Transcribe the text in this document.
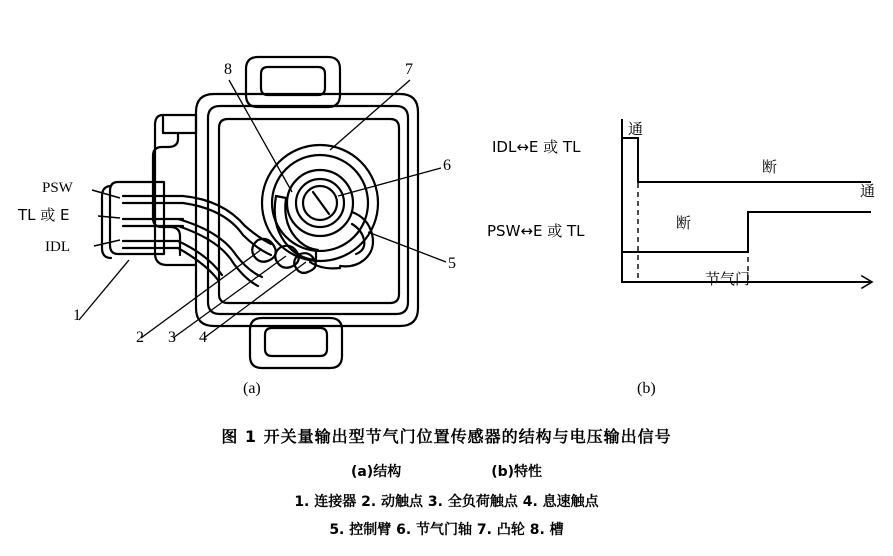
PSW
TL 或 E
IDL
8	7
6
5
1
2 3 4
(a)
IDL↔E 或 TL
PSW↔E 或 TL
通
断
断
通
节气门
(b)
图 1 开关量输出型节气门位置传感器的结构与电压输出信号
(a)结构	(b)特性
1. 连接器 2. 动触点 3. 全负荷触点 4. 息速触点
5. 控制臂 6. 节气门轴 7. 凸轮 8. 槽
